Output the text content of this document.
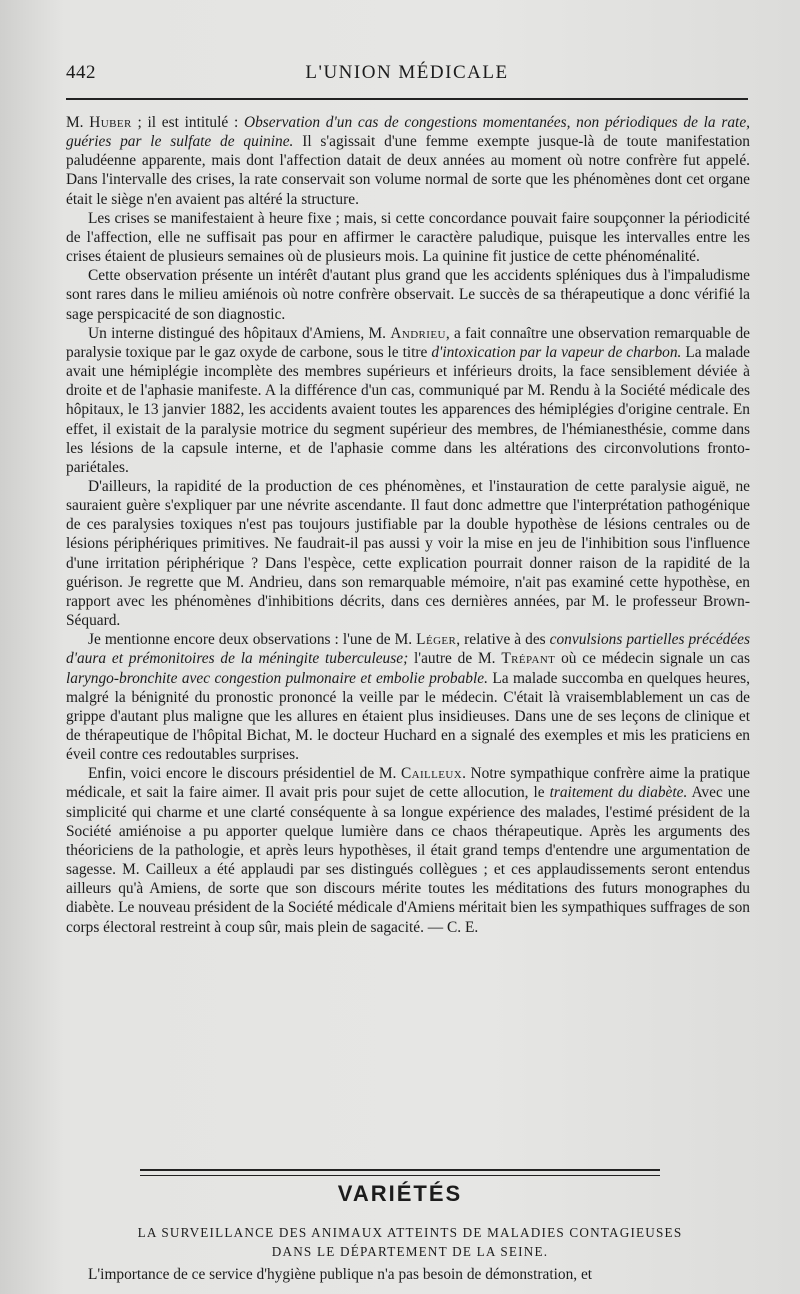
442	L'UNION MÉDICALE

M. Huber ; il est intitulé : Observation d'un cas de congestions momentanées, non périodiques de la rate, guéries par le sulfate de quinine. Il s'agissait d'une femme exempte jusque-là de toute manifestation paludéenne apparente, mais dont l'affection datait de deux années au moment où notre confrère fut appelé. Dans l'intervalle des crises, la rate conservait son volume normal de sorte que les phénomènes dont cet organe était le siège n'en avaient pas altéré la structure.

Les crises se manifestaient à heure fixe ; mais, si cette concordance pouvait faire soupçonner la périodicité de l'affection, elle ne suffisait pas pour en affirmer le caractère paludique, puisque les intervalles entre les crises étaient de plusieurs semaines où de plusieurs mois. La quinine fit justice de cette phénoménalité.

Cette observation présente un intérêt d'autant plus grand que les accidents spléniques dus à l'impaludisme sont rares dans le milieu amiénois où notre confrère observait. Le succès de sa thérapeutique a donc vérifié la sage perspicacité de son diagnostic.

Un interne distingué des hôpitaux d'Amiens, M. Andrieu, a fait connaître une observation remarquable de paralysie toxique par le gaz oxyde de carbone, sous le titre d'intoxication par la vapeur de charbon. La malade avait une hémiplégie incomplète des membres supérieurs et inférieurs droits, la face sensiblement déviée à droite et de l'aphasie manifeste. A la différence d'un cas, communiqué par M. Rendu à la Société médicale des hôpitaux, le 13 janvier 1882, les accidents avaient toutes les apparences des hémiplégies d'origine centrale. En effet, il existait de la paralysie motrice du segment supérieur des membres, de l'hémianesthésie, comme dans les lésions de la capsule interne, et de l'aphasie comme dans les altérations des circonvolutions fronto-pariétales.

D'ailleurs, la rapidité de la production de ces phénomènes, et l'instauration de cette paralysie aiguë, ne sauraient guère s'expliquer par une névrite ascendante. Il faut donc admettre que l'interprétation pathogénique de ces paralysies toxiques n'est pas toujours justifiable par la double hypothèse de lésions centrales ou de lésions périphériques primitives. Ne faudrait-il pas aussi y voir la mise en jeu de l'inhibition sous l'influence d'une irritation périphérique ? Dans l'espèce, cette explication pourrait donner raison de la rapidité de la guérison. Je regrette que M. Andrieu, dans son remarquable mémoire, n'ait pas examiné cette hypothèse, en rapport avec les phénomènes d'inhibitions décrits, dans ces dernières années, par M. le professeur Brown-Séquard.

Je mentionne encore deux observations : l'une de M. Léger, relative à des convulsions partielles précédées d'aura et prémonitoires de la méningite tuberculeuse; l'autre de M. Trépant où ce médecin signale un cas laryngo-bronchite avec congestion pulmonaire et embolie probable. La malade succomba en quelques heures, malgré la bénignité du pronostic prononcé la veille par le médecin. C'était là vraisemblablement un cas de grippe d'autant plus maligne que les allures en étaient plus insidieuses. Dans une de ses leçons de clinique et de thérapeutique de l'hôpital Bichat, M. le docteur Huchard en a signalé des exemples et mis les praticiens en éveil contre ces redoutables surprises.

Enfin, voici encore le discours présidentiel de M. Cailleux. Notre sympathique confrère aime la pratique médicale, et sait la faire aimer. Il avait pris pour sujet de cette allocution, le traitement du diabète. Avec une simplicité qui charme et une clarté conséquente à sa longue expérience des malades, l'estimé président de la Société amiénoise a pu apporter quelque lumière dans ce chaos thérapeutique. Après les arguments des théoriciens de la pathologie, et après leurs hypothèses, il était grand temps d'entendre une argumentation de sagesse. M. Cailleux a été applaudi par ses distingués collègues ; et ces applaudissements seront entendus ailleurs qu'à Amiens, de sorte que son discours mérite toutes les méditations des futurs monographes du diabète. Le nouveau président de la Société médicale d'Amiens méritait bien les sympathiques suffrages de son corps électoral restreint à coup sûr, mais plein de sagacité. — C. E.

VARIÉTÉS
LA SURVEILLANCE DES ANIMAUX ATTEINTS DE MALADIES CONTAGIEUSES
DANS LE DÉPARTEMENT DE LA SEINE.
L'importance de ce service d'hygiène publique n'a pas besoin de démonstration, et
